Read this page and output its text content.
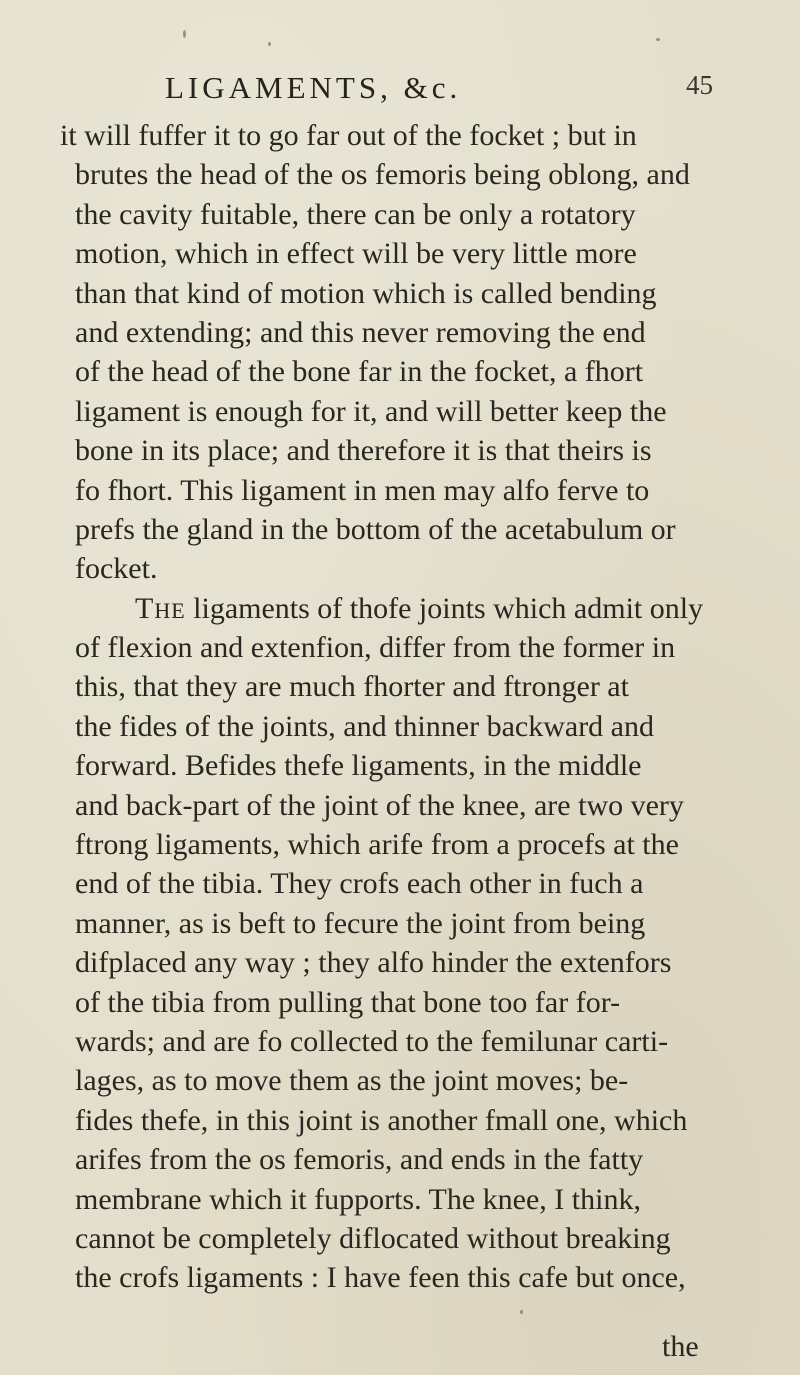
LIGAMENTS, &c.	45
it will fuffer it to go far out of the focket ; but in
brutes the head of the os femoris being oblong, and
the cavity fuitable, there can be only a rotatory
motion, which in effect will be very little more
than that kind of motion which is called bending
and extending; and this never removing the end
of the head of the bone far in the focket, a fhort
ligament is enough for it, and will better keep the
bone in its place; and therefore it is that theirs is
fo fhort. This ligament in men may alfo ferve to
prefs the gland in the bottom of the acetabulum or
focket.
THE ligaments of thofe joints which admit only
of flexion and extenfion, differ from the former in
this, that they are much fhorter and ftronger at
the fides of the joints, and thinner backward and
forward. Befides thefe ligaments, in the middle
and back-part of the joint of the knee, are two very
ftrong ligaments, which arife from a procefs at the
end of the tibia. They crofs each other in fuch a
manner, as is beft to fecure the joint from being
difplaced any way ; they alfo hinder the extenfors
of the tibia from pulling that bone too far for-
wards; and are fo collected to the femilunar carti-
lages, as to move them as the joint moves; be-
fides thefe, in this joint is another fmall one, which
arifes from the os femoris, and ends in the fatty
membrane which it fupports. The knee, I think,
cannot be completely diflocated without breaking
the crofs ligaments : I have feen this cafe but once,
the
